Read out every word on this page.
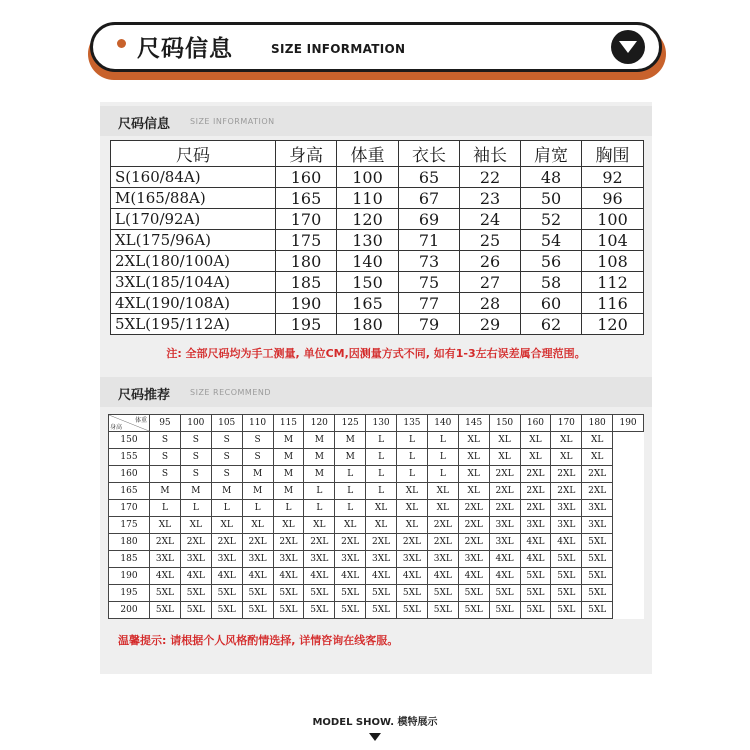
尺码信息	SIZE INFORMATION
尺码信息 SIZE INFORMATION
尺码	身高	体重	衣长	袖长	肩宽	胸围
S(160/84A)	160	100	65	22	48	92
M(165/88A)	165	110	67	23	50	96
L(170/92A)	170	120	69	24	52	100
XL(175/96A)	175	130	71	25	54	104
2XL(180/100A)	180	140	73	26	56	108
3XL(185/104A)	185	150	75	27	58	112
4XL(190/108A)	190	165	77	28	60	116
5XL(195/112A)	195	180	79	29	62	120
注: 全部尺码均为手工测量, 单位CM,因测量方式不同, 如有1-3左右误差属合理范围。
尺码推荐 SIZE RECOMMEND
身高
体重	95	100	105	110	115	120	125	130	135	140	145	150	160	170	180	190
150	S	S	S	S	M	M	M	L	L	L	XL	XL	XL	XL	XL	
155	S	S	S	S	M	M	M	L	L	L	XL	XL	XL	XL	XL	
160	S	S	S	M	M	M	L	L	L	L	XL	2XL	2XL	2XL	2XL	
165	M	M	M	M	M	L	L	L	XL	XL	XL	2XL	2XL	2XL	2XL	
170	L	L	L	L	L	L	L	XL	XL	XL	2XL	2XL	2XL	3XL	3XL	
175	XL	XL	XL	XL	XL	XL	XL	XL	XL	2XL	2XL	3XL	3XL	3XL	3XL	
180	2XL	2XL	2XL	2XL	2XL	2XL	2XL	2XL	2XL	2XL	2XL	3XL	4XL	4XL	5XL	
185	3XL	3XL	3XL	3XL	3XL	3XL	3XL	3XL	3XL	3XL	3XL	4XL	4XL	5XL	5XL	
190	4XL	4XL	4XL	4XL	4XL	4XL	4XL	4XL	4XL	4XL	4XL	4XL	5XL	5XL	5XL	
195	5XL	5XL	5XL	5XL	5XL	5XL	5XL	5XL	5XL	5XL	5XL	5XL	5XL	5XL	5XL	
200	5XL	5XL	5XL	5XL	5XL	5XL	5XL	5XL	5XL	5XL	5XL	5XL	5XL	5XL	5XL	
温馨提示: 请根据个人风格酌情选择, 详情咨询在线客服。
MODEL SHOW. 模特展示
